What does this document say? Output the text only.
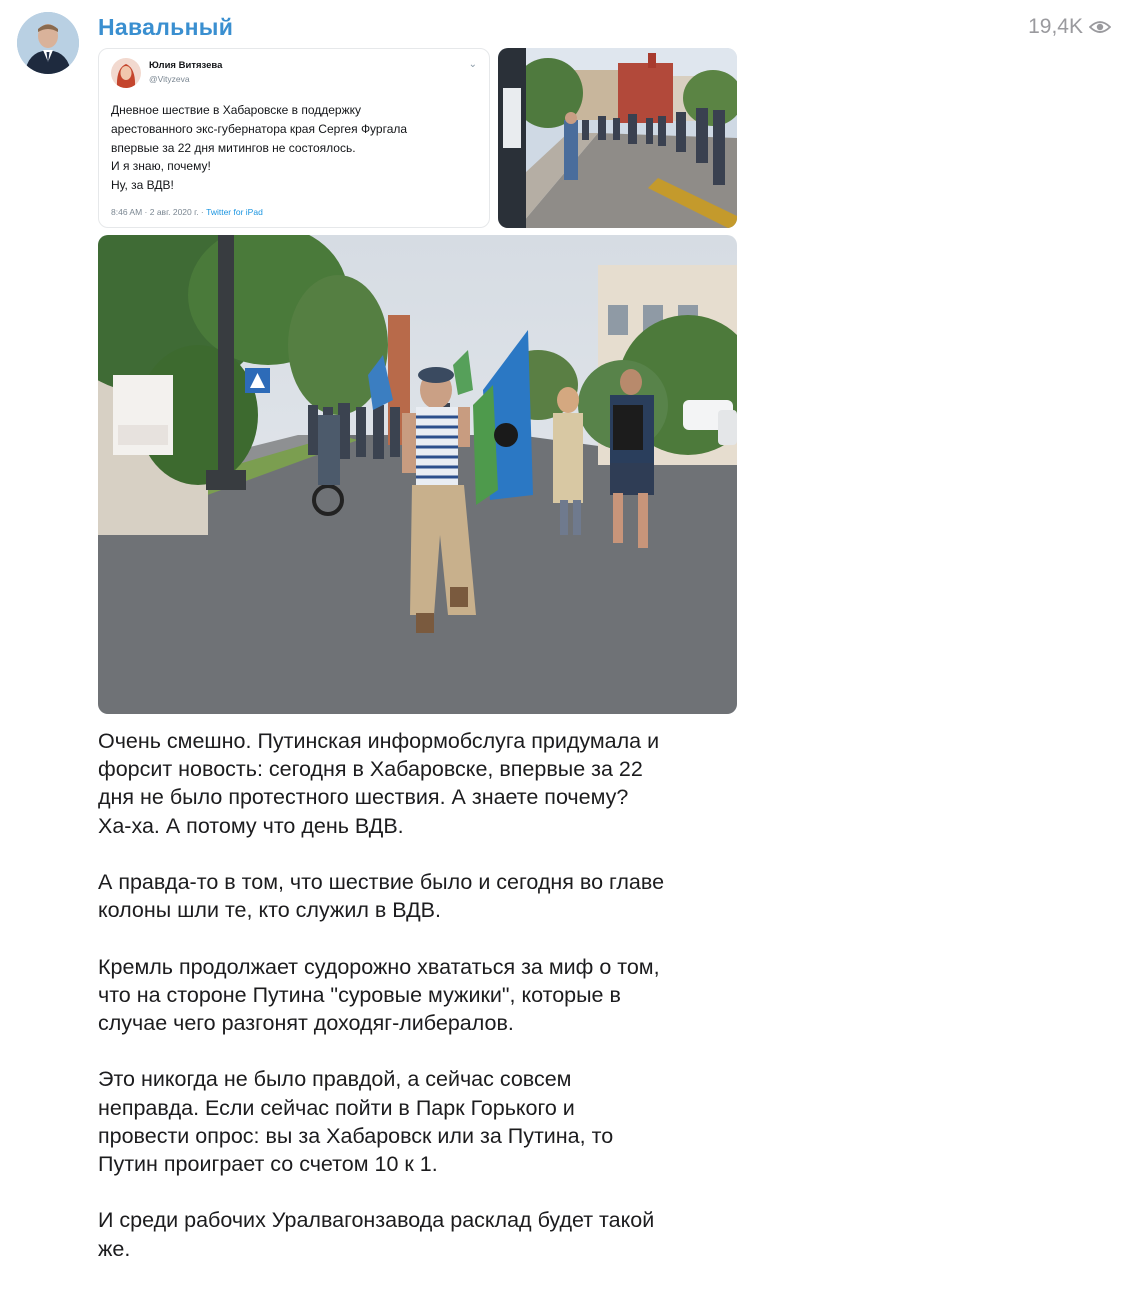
Навальный	19,4K
Юлия Витязева
@Vityzeva
⌄
Дневное шествие в Хабаровске в поддержку
арестованного экс-губернатора края Сергея Фургала
впервые за 22 дня митингов не состоялось.
И я знаю, почему!
Ну, за ВДВ!
8:46 AM · 2 авг. 2020 г. · Twitter for iPad

Очень смешно. Путинская информобслуга придумала и
форсит новость: сегодня в Хабаровске, впервые за 22
дня не было протестного шествия. А знаете почему?
Ха-ха. А потому что день ВДВ.

А правда-то в том, что шествие было и сегодня во главе
колоны шли те, кто служил в ВДВ.

Кремль продолжает судорожно хвататься за миф о том,
что на стороне Путина "суровые мужики", которые в
случае чего разгонят доходяг-либералов.

Это никогда не было правдой, а сейчас совсем
неправда. Если сейчас пойти в Парк Горького и
провести опрос: вы за Хабаровск или за Путина, то
Путин проиграет со счетом 10 к 1.

И среди рабочих Уралвагонзавода расклад будет такой
же.
